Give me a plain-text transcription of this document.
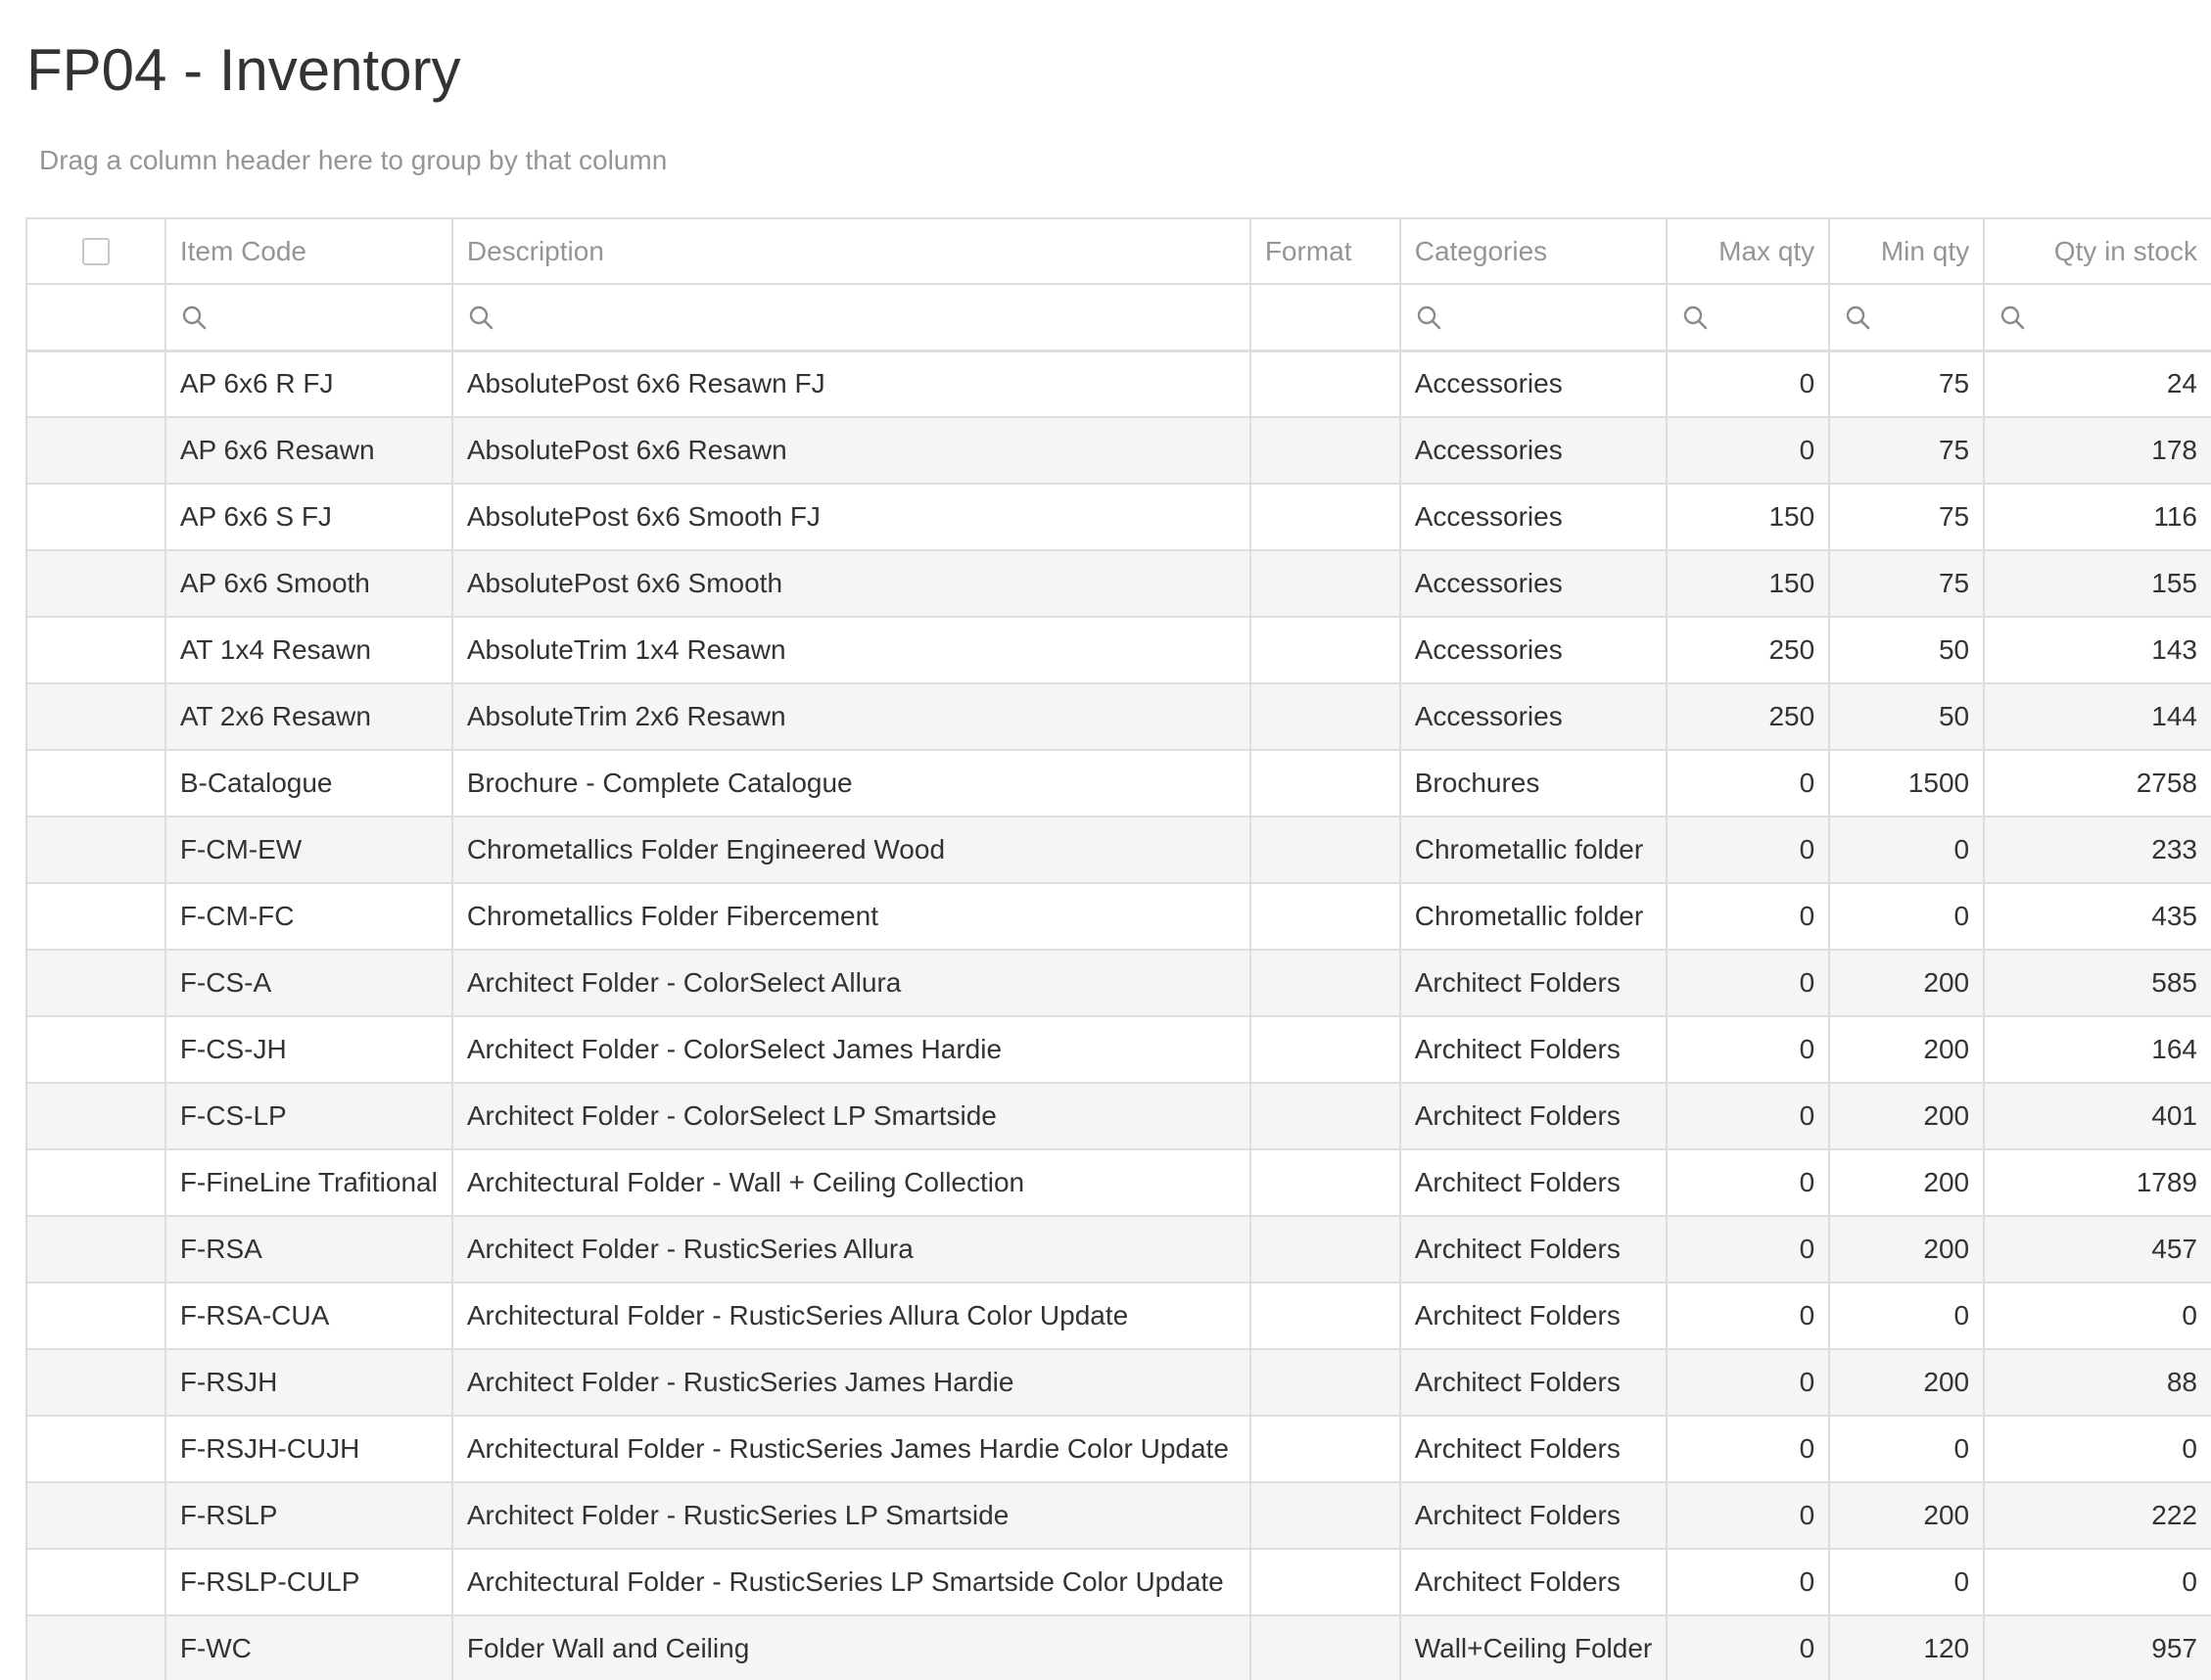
FP04 - Inventory
Drag a column header here to group by that column
	Item Code	Description	Format	Categories	Max qty	Min qty	Qty in stock

	AP 6x6 R FJ	AbsolutePost 6x6 Resawn FJ		Accessories	0	75	24
	AP 6x6 Resawn	AbsolutePost 6x6 Resawn		Accessories	0	75	178
	AP 6x6 S FJ	AbsolutePost 6x6 Smooth FJ		Accessories	150	75	116
	AP 6x6 Smooth	AbsolutePost 6x6 Smooth		Accessories	150	75	155
	AT 1x4 Resawn	AbsoluteTrim 1x4 Resawn		Accessories	250	50	143
	AT 2x6 Resawn	AbsoluteTrim 2x6 Resawn		Accessories	250	50	144
	B-Catalogue	Brochure - Complete Catalogue		Brochures	0	1500	2758
	F-CM-EW	Chrometallics Folder Engineered Wood		Chrometallic folder	0	0	233
	F-CM-FC	Chrometallics Folder Fibercement		Chrometallic folder	0	0	435
	F-CS-A	Architect Folder - ColorSelect Allura		Architect Folders	0	200	585
	F-CS-JH	Architect Folder - ColorSelect James Hardie		Architect Folders	0	200	164
	F-CS-LP	Architect Folder - ColorSelect LP Smartside		Architect Folders	0	200	401
	F-FineLine Trafitional	Architectural Folder - Wall + Ceiling Collection		Architect Folders	0	200	1789
	F-RSA	Architect Folder - RusticSeries Allura		Architect Folders	0	200	457
	F-RSA-CUA	Architectural Folder - RusticSeries Allura Color Update		Architect Folders	0	0	0
	F-RSJH	Architect Folder - RusticSeries James Hardie		Architect Folders	0	200	88
	F-RSJH-CUJH	Architectural Folder - RusticSeries James Hardie Color Update		Architect Folders	0	0	0
	F-RSLP	Architect Folder - RusticSeries LP Smartside		Architect Folders	0	200	222
	F-RSLP-CULP	Architectural Folder - RusticSeries LP Smartside Color Update		Architect Folders	0	0	0
	F-WC	Folder Wall and Ceiling		Wall+Ceiling Folder	0	120	957
